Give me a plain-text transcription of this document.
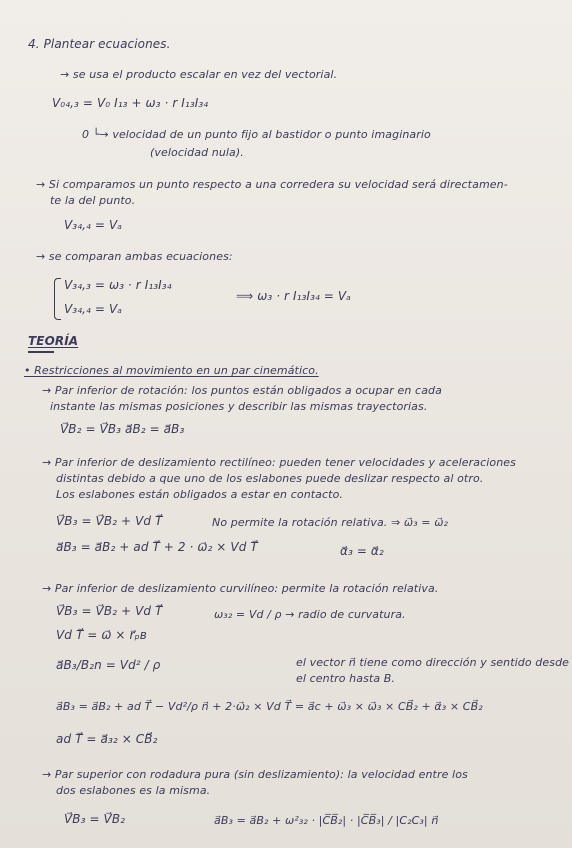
4. Plantear ecuaciones.
→ se usa el producto escalar en vez del vectorial.
V₀₄,₃ = V₀ I₁₃ + ω₃ · r I₁₃I₃₄
0 └→ velocidad de un punto fijo al bastidor o punto imaginario
(velocidad nula).
→ Si comparamos un punto respecto a una corredera su velocidad será directamen-
te la del punto.
V₃₄,₄ = Vₐ
→ se comparan ambas ecuaciones:
V₃₄,₃ = ω₃ · r I₁₃I₃₄
⟹ ω₃ · r I₁₃I₃₄ = Vₐ
V₃₄,₄ = Vₐ
TEORÍA
• Restricciones al movimiento en un par cinemático.
→ Par inferior de rotación: los puntos están obligados a ocupar en cada
instante las mismas posiciones y describir las mismas trayectorias.
V⃗B₂ = V⃗B₃ a⃗B₂ = a⃗B₃
→ Par inferior de deslizamiento rectilíneo: pueden tener velocidades y aceleraciones
distintas debido a que uno de los eslabones puede deslizar respecto al otro.
Los eslabones están obligados a estar en contacto.
V⃗B₃ = V⃗B₂ + Vd T⃗	No permite la rotación relativa. ⇒ ω⃗₃ = ω⃗₂
a⃗B₃ = a⃗B₂ + ad T⃗ + 2 · ω⃗₂ × Vd T⃗	α⃗₃ = α⃗₂
→ Par inferior de deslizamiento curvilíneo: permite la rotación relativa.
V⃗B₃ = V⃗B₂ + Vd T⃗	ω₃₂ = Vd / ρ → radio de curvatura.
Vd T⃗ = ω⃗ × r⃗ₚʙ
a⃗B₃/B₂n = Vd² / ρ	el vector n⃗ tiene como dirección y sentido desde
el centro hasta B.
a⃗B₃ = a⃗B₂ + ad T⃗ − Vd²/ρ n⃗ + 2·ω⃗₂ × Vd T⃗ = a⃗c + ω⃗₃ × ω⃗₃ × CB⃗₂ + α⃗₃ × CB⃗₂
ad T⃗ = a⃗₃₂ × CB⃗₂
→ Par superior con rodadura pura (sin deslizamiento): la velocidad entre los
dos eslabones es la misma.
V⃗B₃ = V⃗B₂	a⃗B₃ = a⃗B₂ + ω²₃₂ · |C̅B̅₂| · |C̅B̅₃| / |C₂C₃| n⃗
